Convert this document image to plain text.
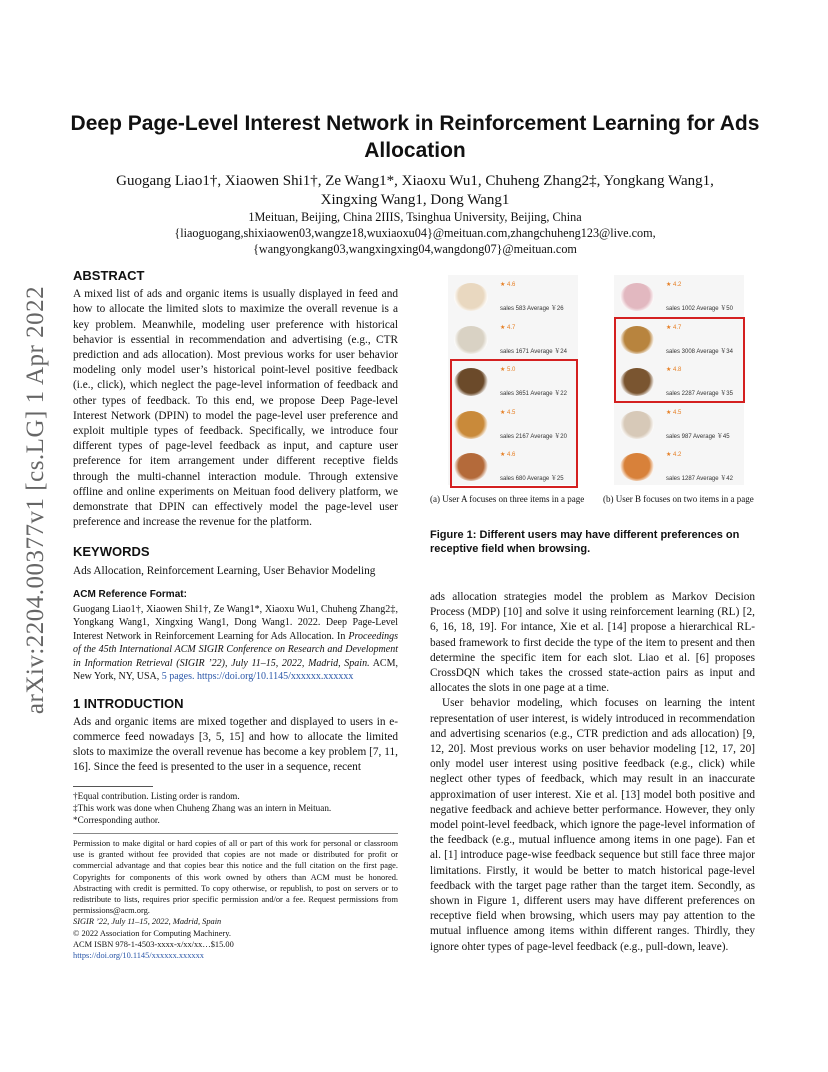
arXiv:2204.00377v1 [cs.LG] 1 Apr 2022
Deep Page-Level Interest Network in Reinforcement Learning for Ads Allocation
Guogang Liao1†, Xiaowen Shi1†, Ze Wang1*, Xiaoxu Wu1, Chuheng Zhang2‡, Yongkang Wang1, Xingxing Wang1, Dong Wang1
1Meituan, Beijing, China 2IIIS, Tsinghua University, Beijing, China
{liaoguogang,shixiaowen03,wangze18,wuxiaoxu04}@meituan.com,zhangchuheng123@live.com,
{wangyongkang03,wangxingxing04,wangdong07}@meituan.com
ABSTRACT
A mixed list of ads and organic items is usually displayed in feed and how to allocate the limited slots to maximize the overall revenue is a key problem. Meanwhile, modeling user preference with historical behavior is essential in recommendation and advertising (e.g., CTR prediction and ads allocation). Most previous works for user behavior modeling only model user’s historical point-level positive feedback (i.e., click), which neglect the page-level information of feedback and other types of feedback. To this end, we propose Deep Page-level Interest Network (DPIN) to model the page-level user preference and exploit multiple types of feedback. Specifically, we introduce four different types of page-level feedback as input, and capture user preference for item arrangement under different receptive fields through the multi-channel interaction module. Through extensive offline and online experiments on Meituan food delivery platform, we demonstrate that DPIN can effectively model the page-level user preference and increase the revenue for the platform.
KEYWORDS
Ads Allocation, Reinforcement Learning, User Behavior Modeling
ACM Reference Format:
Guogang Liao1†, Xiaowen Shi1†, Ze Wang1*, Xiaoxu Wu1, Chuheng Zhang2‡, Yongkang Wang1, Xingxing Wang1, Dong Wang1. 2022. Deep Page-Level Interest Network in Reinforcement Learning for Ads Allocation. In Proceedings of the 45th International ACM SIGIR Conference on Research and Development in Information Retrieval (SIGIR ’22), July 11–15, 2022, Madrid, Spain. ACM, New York, NY, USA, 5 pages. https://doi.org/10.1145/xxxxxx.xxxxxx
1 INTRODUCTION
Ads and organic items are mixed together and displayed to users in e-commerce feed nowadays [3, 5, 15] and how to allocate the limited slots to maximize the overall revenue has become a key problem [7, 11, 16]. Since the feed is presented to the user in a sequence, recent
†Equal contribution. Listing order is random.
‡This work was done when Chuheng Zhang was an intern in Meituan.
*Corresponding author.
Permission to make digital or hard copies of all or part of this work for personal or classroom use is granted without fee provided that copies are not made or distributed for profit or commercial advantage and that copies bear this notice and the full citation on the first page. Copyrights for components of this work owned by others than ACM must be honored. Abstracting with credit is permitted. To copy otherwise, or republish, to post on servers or to redistribute to lists, requires prior specific permission and/or a fee. Request permissions from permissions@acm.org.
SIGIR ’22, July 11–15, 2022, Madrid, Spain
© 2022 Association for Computing Machinery.
ACM ISBN 978-1-4503-xxxx-x/xx/xx…$15.00
https://doi.org/10.1145/xxxxxx.xxxxxx
★ 4.6
sales 583 Average ￥26
★ 4.7
sales 1671 Average ￥24
★ 5.0
sales 3651 Average ￥22
★ 4.5
sales 2167 Average ￥20
★ 4.6
sales 680 Average ￥25
★ 4.2
sales 1002 Average ￥50
★ 4.7
sales 3008 Average ￥34
★ 4.8
sales 2287 Average ￥35
★ 4.5
sales 987 Average ￥45
★ 4.2
sales 1287 Average ￥42
(a) User A focuses on three items in a page	(b) User B focuses on two items in a page
Figure 1: Different users may have different preferences on receptive field when browsing.
ads allocation strategies model the problem as Markov Decision Process (MDP) [10] and solve it using reinforcement learning (RL) [2, 6, 16, 18, 19]. For intance, Xie et al. [14] propose a hierarchical RL-based framework to first decide the type of the item to present and then determine the specific item for each slot. Liao et al. [6] proposes CrossDQN which takes the crossed state-action pairs as input and allocates the slots in one page at a time.
User behavior modeling, which focuses on learning the intent representation of user interest, is widely introduced in recommendation and advertising scenarios (e.g., CTR prediction and ads allocation) [9, 12, 20]. Most previous works on user behavior modeling [12, 17, 20] only model user interest using positive feedback (e.g., click) while neglect other types of feedback, which may result in an inaccurate approximation of user interest. Xie et al. [13] model both positive and negative feedback and achieve better performance. However, they only model point-level feedback, which ignore the page-level information of the feedback (e.g., mutual influence among items in one page). Fan et al. [1] introduce page-wise feedback sequence but still face three major limitations. Firstly, it would be better to match historical page-level feedback with the target page rather than the target item. Secondly, as shown in Figure 1, different users may have different preferences on receptive field when browsing, which users may pay attention to the mutual influence among items within different ranges. Thirdly, they ignore ohter types of page-level feedback (e.g., pull-down, leave).
